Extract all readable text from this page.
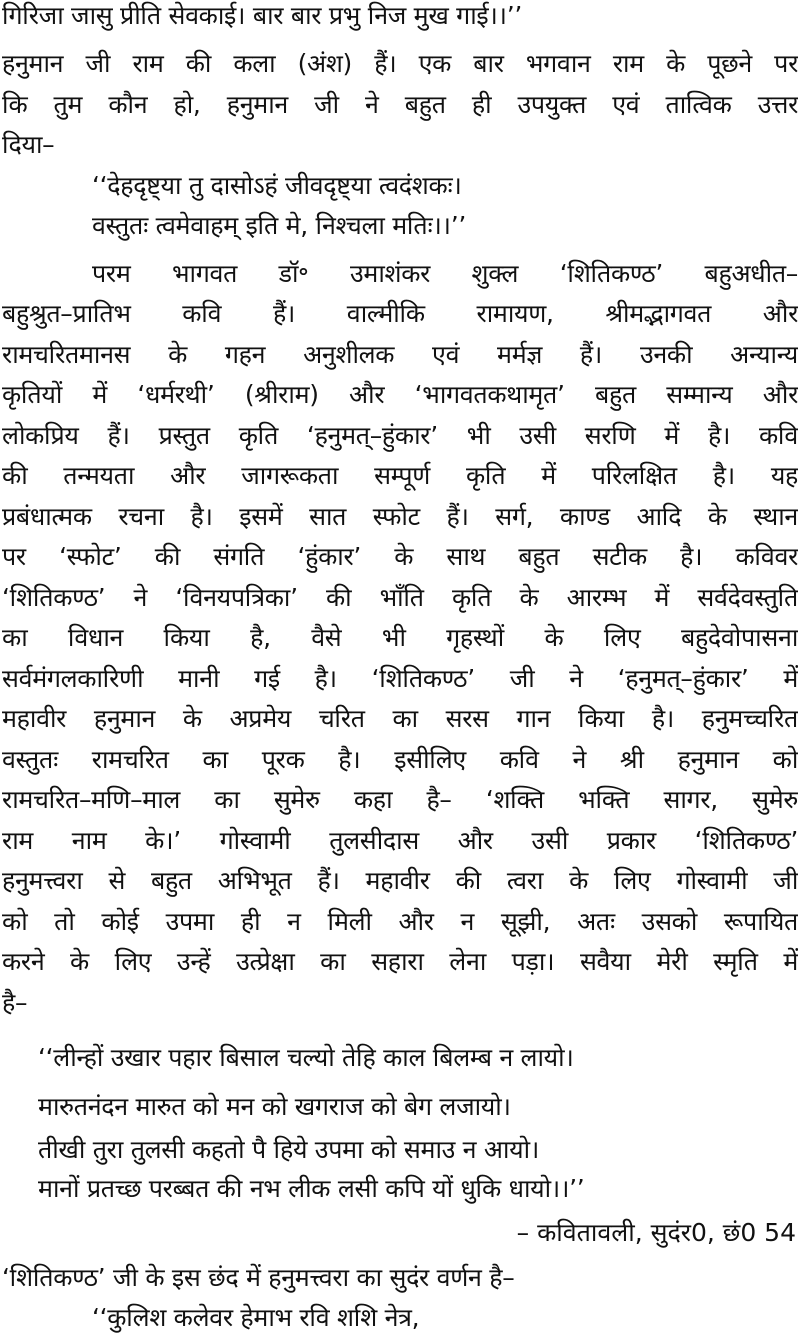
गिरिजा जासु प्रीति सेवकाई। बार बार प्रभु निज मुख गाई।।’’
हनुमान जी राम की कला (अंश) हैं। एक बार भगवान राम के पूछने पर
कि तुम कौन हो, हनुमान जी ने बहुत ही उपयुक्त एवं तात्विक उत्तर
दिया–
‘‘देहदृष्ट्या तु दासोऽहं जीवदृष्ट्या त्वदंशकः।
वस्तुतः त्वमेवाहम् इति मे, निश्चला मतिः।।’’
परम भागवत डॉ॰ उमाशंकर शुक्ल ‘शितिकण्ठ’ बहुअधीत–
बहुश्रुत–प्रातिभ कवि हैं। वाल्मीकि रामायण, श्रीमद्भागवत और
रामचरितमानस के गहन अनुशीलक एवं मर्मज्ञ हैं। उनकी अन्यान्य
कृतियों में ‘धर्मरथी’ (श्रीराम) और ‘भागवतकथामृत’ बहुत सम्मान्य और
लोकप्रिय हैं। प्रस्तुत कृति ‘हनुमत्–हुंकार’ भी उसी सरणि में है। कवि
की तन्मयता और जागरूकता सम्पूर्ण कृति में परिलक्षित है। यह
प्रबंधात्मक रचना है। इसमें सात स्फोट हैं। सर्ग, काण्ड आदि के स्थान
पर ‘स्फोट’ की संगति ‘हुंकार’ के साथ बहुत सटीक है। कविवर
‘शितिकण्ठ’ ने ‘विनयपत्रिका’ की भाँति कृति के आरम्भ में सर्वदेवस्तुति
का विधान किया है, वैसे भी गृहस्थों के लिए बहुदेवोपासना
सर्वमंगलकारिणी मानी गई है। ‘शितिकण्ठ’ जी ने ‘हनुमत्–हुंकार’ में
महावीर हनुमान के अप्रमेय चरित का सरस गान किया है। हनुमच्चरित
वस्तुतः रामचरित का पूरक है। इसीलिए कवि ने श्री हनुमान को
रामचरित–मणि–माल का सुमेरु कहा है– ‘शक्ति भक्ति सागर, सुमेरु
राम नाम के।’ गोस्वामी तुलसीदास और उसी प्रकार ‘शितिकण्ठ’
हनुमत्त्वरा से बहुत अभिभूत हैं। महावीर की त्वरा के लिए गोस्वामी जी
को तो कोई उपमा ही न मिली और न सूझी, अतः उसको रूपायित
करने के लिए उन्हें उत्प्रेक्षा का सहारा लेना पड़ा। सवैया मेरी स्मृति में
है–
‘‘लीन्हों उखार पहार बिसाल चल्यो तेहि काल बिलम्ब न लायो।
मारुतनंदन मारुत को मन को खगराज को बेग लजायो।
तीखी तुरा तुलसी कहतो पै हिये उपमा को समाउ न आयो।
मानों प्रतच्छ परब्बत की नभ लीक लसी कपि यों धुकि धायो।।’’
– कवितावली, सुदंर0, छं0 54
‘शितिकण्ठ’ जी के इस छंद में हनुमत्त्वरा का सुदंर वर्णन है–
‘‘कुलिश कलेवर हेमाभ रवि शशि नेत्र,
